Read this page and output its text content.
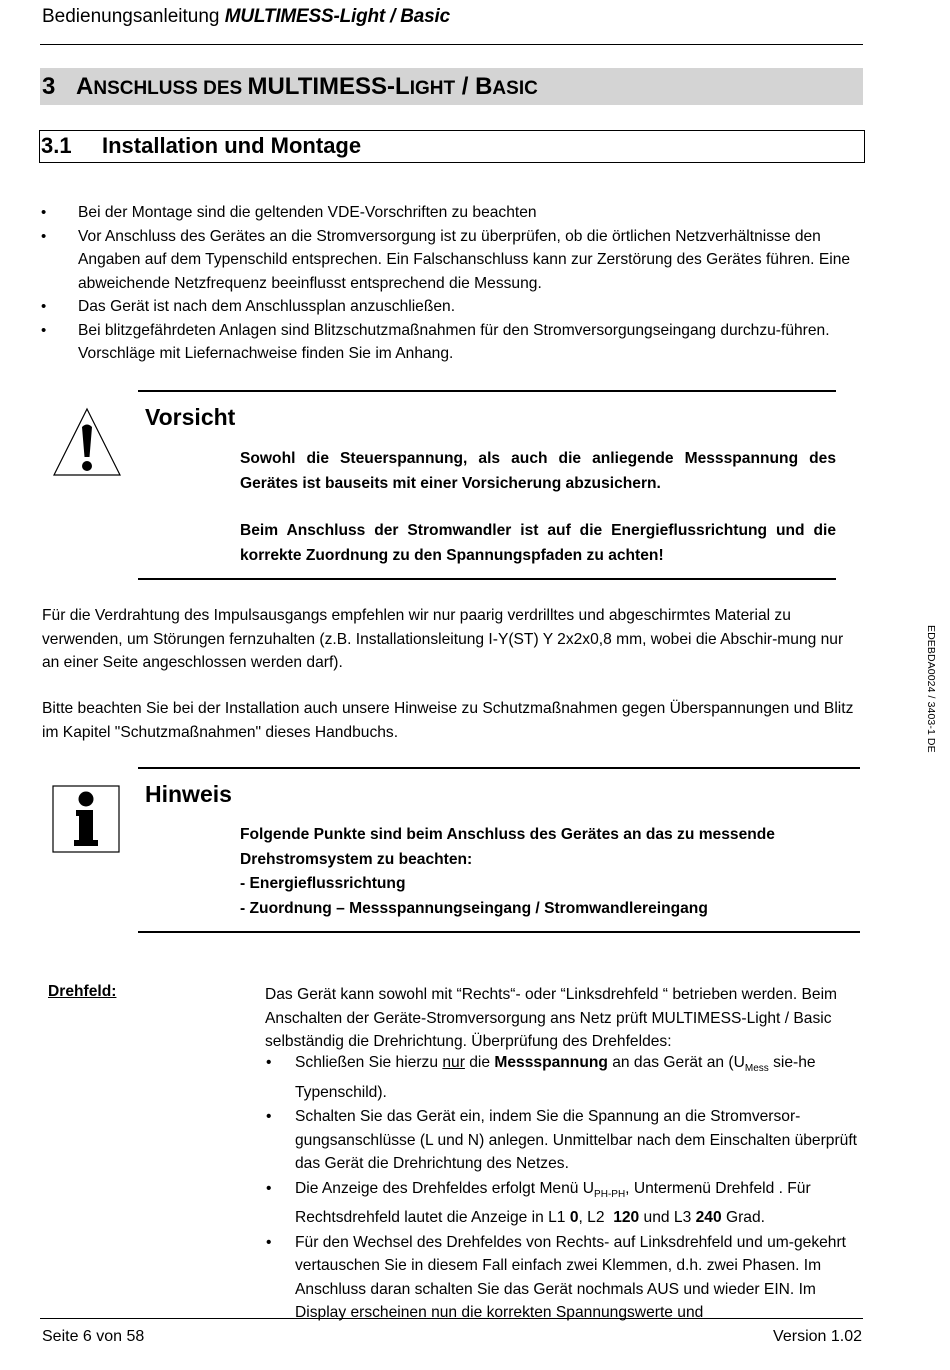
Bedienungsanleitung MULTIMESS-Light / Basic
3 ANSCHLUSS DES MULTIMESS-LIGHT / BASIC
3.1 Installation und Montage
• Bei der Montage sind die geltenden VDE-Vorschriften zu beachten
• Vor Anschluss des Gerätes an die Stromversorgung ist zu überprüfen, ob die örtlichen Netzverhältnisse den Angaben auf dem Typenschild entsprechen. Ein Falschanschluss kann zur Zerstörung des Gerätes führen. Eine abweichende Netzfrequenz beeinflusst entsprechend die Messung.
• Das Gerät ist nach dem Anschlussplan anzuschließen.
• Bei blitzgefährdeten Anlagen sind Blitzschutzmaßnahmen für den Stromversorgungseingang durchzu-führen. Vorschläge mit Liefernachweise finden Sie im Anhang.
Vorsicht
Sowohl die Steuerspannung, als auch die anliegende Messspannung des Gerätes ist bauseits mit einer Vorsicherung abzusichern.
Beim Anschluss der Stromwandler ist auf die Energieflussrichtung und die korrekte Zuordnung zu den Spannungspfaden zu achten!
Für die Verdrahtung des Impulsausgangs empfehlen wir nur paarig verdrilltes und abgeschirmtes Material zu verwenden, um Störungen fernzuhalten (z.B. Installationsleitung I-Y(ST) Y 2x2x0,8 mm, wobei die Abschir-mung nur an einer Seite angeschlossen werden darf).
Bitte beachten Sie bei der Installation auch unsere Hinweise zu Schutzmaßnahmen gegen Überspannungen und Blitz im Kapitel "Schutzmaßnahmen" dieses Handbuchs.	EDEBDA0024 / 3403-1 DE
Hinweis
Folgende Punkte sind beim Anschluss des Gerätes an das zu messende
Drehstromsystem zu beachten:
- Energieflussrichtung
- Zuordnung – Messspannungseingang / Stromwandlereingang
Drehfeld:	Das Gerät kann sowohl mit “Rechts“- oder “Linksdrehfeld “ betrieben werden. Beim Anschalten der Geräte-Stromversorgung ans Netz prüft MULTIMESS-Light / Basic selbständig die Drehrichtung. Überprüfung des Drehfeldes:
• Schließen Sie hierzu nur die Messspannung an das Gerät an ($U_{Mess}$ sie-he Typenschild).
• Schalten Sie das Gerät ein, indem Sie die Spannung an die Stromversor-gungsanschlüsse (L und N) anlegen. Unmittelbar nach dem Einschalten überprüft das Gerät die Drehrichtung des Netzes.
• Die Anzeige des Drehfeldes erfolgt Menü $U_{PH-PH}$, Untermenü Drehfeld . Für Rechtsdrehfeld lautet die Anzeige in L1 0, L2  120 und L3 240 Grad.
• Für den Wechsel des Drehfeldes von Rechts- auf Linksdrehfeld und um-gekehrt vertauschen Sie in diesem Fall einfach zwei Klemmen, d.h. zwei Phasen. Im Anschluss daran schalten Sie das Gerät nochmals AUS und wieder EIN. Im Display erscheinen nun die korrekten Spannungswerte und
Seite 6 von 58	Version 1.02
